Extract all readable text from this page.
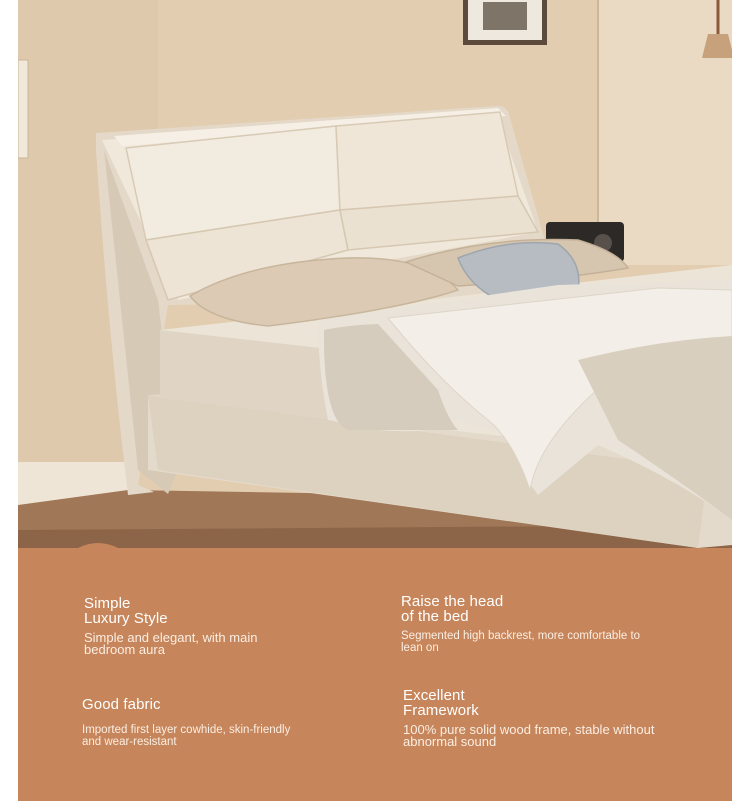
Simple
Luxury Style
Simple and elegant, with main
bedroom aura
Raise the head
of the bed
Segmented high backrest, more comfortable to
lean on
Good fabric
Imported first layer cowhide, skin-friendly
and wear-resistant
Excellent
Framework
100% pure solid wood frame, stable without
abnormal sound
